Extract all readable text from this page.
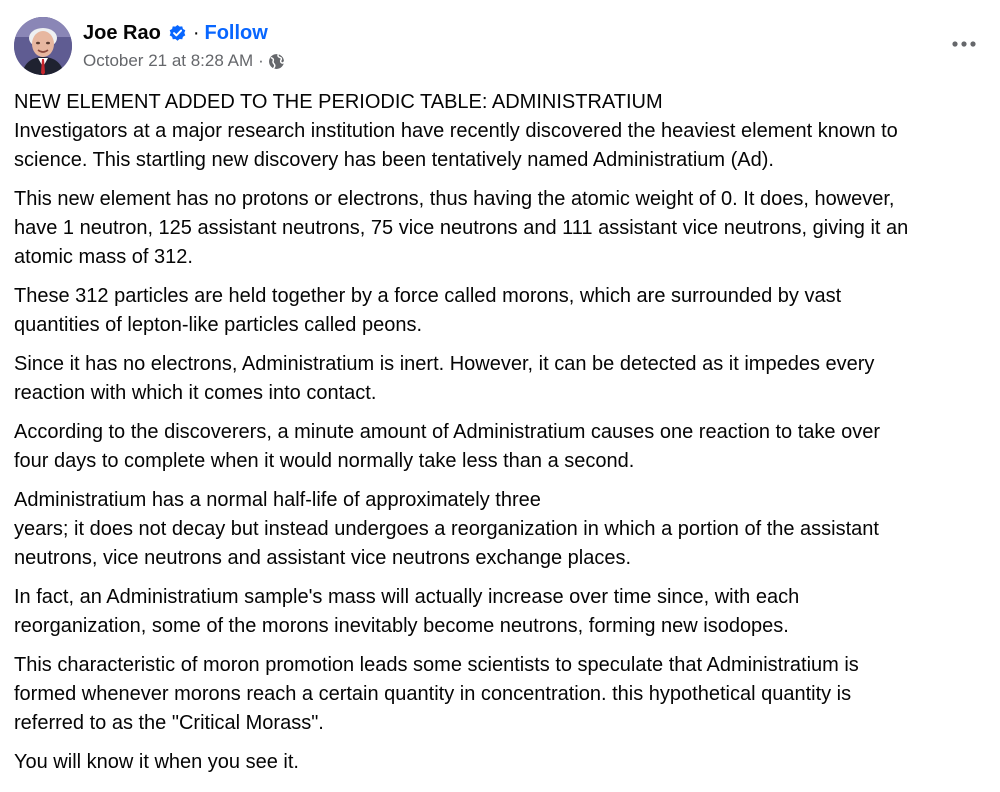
Joe Rao · Follow
October 21 at 8:28 AM ·

NEW ELEMENT ADDED TO THE PERIODIC TABLE: ADMINISTRATIUM
Investigators at a major research institution have recently discovered the heaviest element known to
science. This startling new discovery has been tentatively named Administratium (Ad).

This new element has no protons or electrons, thus having the atomic weight of 0. It does, however,
have 1 neutron, 125 assistant neutrons, 75 vice neutrons and 111 assistant vice neutrons, giving it an
atomic mass of 312.

These 312 particles are held together by a force called morons, which are surrounded by vast
quantities of lepton-like particles called peons.

Since it has no electrons, Administratium is inert. However, it can be detected as it impedes every
reaction with which it comes into contact.

According to the discoverers, a minute amount of Administratium causes one reaction to take over
four days to complete when it would normally take less than a second.

Administratium has a normal half-life of approximately three
years; it does not decay but instead undergoes a reorganization in which a portion of the assistant
neutrons, vice neutrons and assistant vice neutrons exchange places.

In fact, an Administratium sample's mass will actually increase over time since, with each
reorganization, some of the morons inevitably become neutrons, forming new isodopes.

This characteristic of moron promotion leads some scientists to speculate that Administratium is
formed whenever morons reach a certain quantity in concentration. this hypothetical quantity is
referred to as the "Critical Morass".

You will know it when you see it.
